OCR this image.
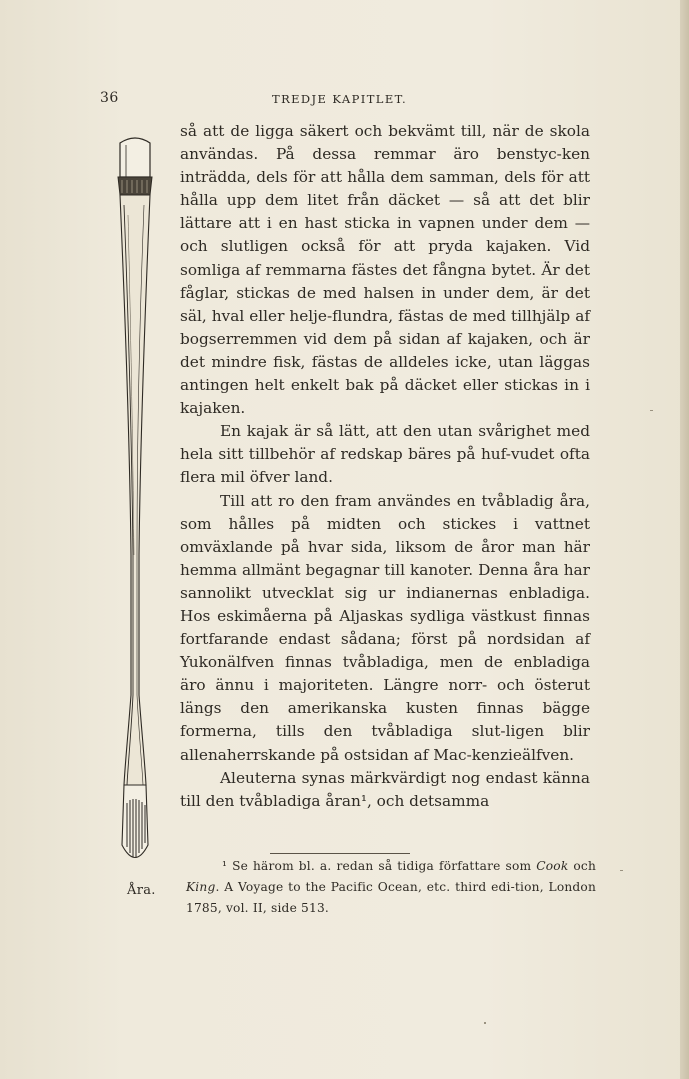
36	TREDJE KAPITLET.
Åra.

så att de ligga säkert och bekvämt till, när de skola användas. På dessa remmar äro benstyc-ken inträdda, dels för att hålla dem samman, dels för att hålla upp dem litet från däcket — så att det blir lättare att i en hast sticka in vapnen under dem — och slutligen också för att pryda kajaken. Vid somliga af remmarna fästes det fångna bytet. Är det fåglar, stickas de med halsen in under dem, är det säl, hval eller helje-flundra, fästas de med tillhjälp af bogserremmen vid dem på sidan af kajaken, och är det mindre fisk, fästas de alldeles icke, utan läggas antingen helt enkelt bak på däcket eller stickas in i kajaken.

En kajak är så lätt, att den utan svårighet med hela sitt tillbehör af redskap bäres på huf-vudet ofta flera mil öfver land.

Till att ro den fram användes en tvåbladig åra, som hålles på midten och stickes i vattnet omväxlande på hvar sida, liksom de åror man här hemma allmänt begagnar till kanoter. Denna åra har sannolikt utvecklat sig ur indianernas enbladiga. Hos eskimåerna på Aljaskas sydliga västkust finnas fortfarande endast sådana; först på nordsidan af Yukonälfven finnas tvåbladiga, men de enbladiga äro ännu i majoriteten. Längre norr- och österut längs den amerikanska kusten finnas bägge formerna, tills den tvåbladiga slut-ligen blir allenaherrskande på ostsidan af Mac-kenzieälfven.

Aleuterna synas märkvärdigt nog endast känna till den tvåbladiga åran¹, och detsamma

¹ Se härom bl. a. redan så tidiga författare som Cook och King. A Voyage to the Pacific Ocean, etc. third edi-tion, London 1785, vol. II, side 513.
